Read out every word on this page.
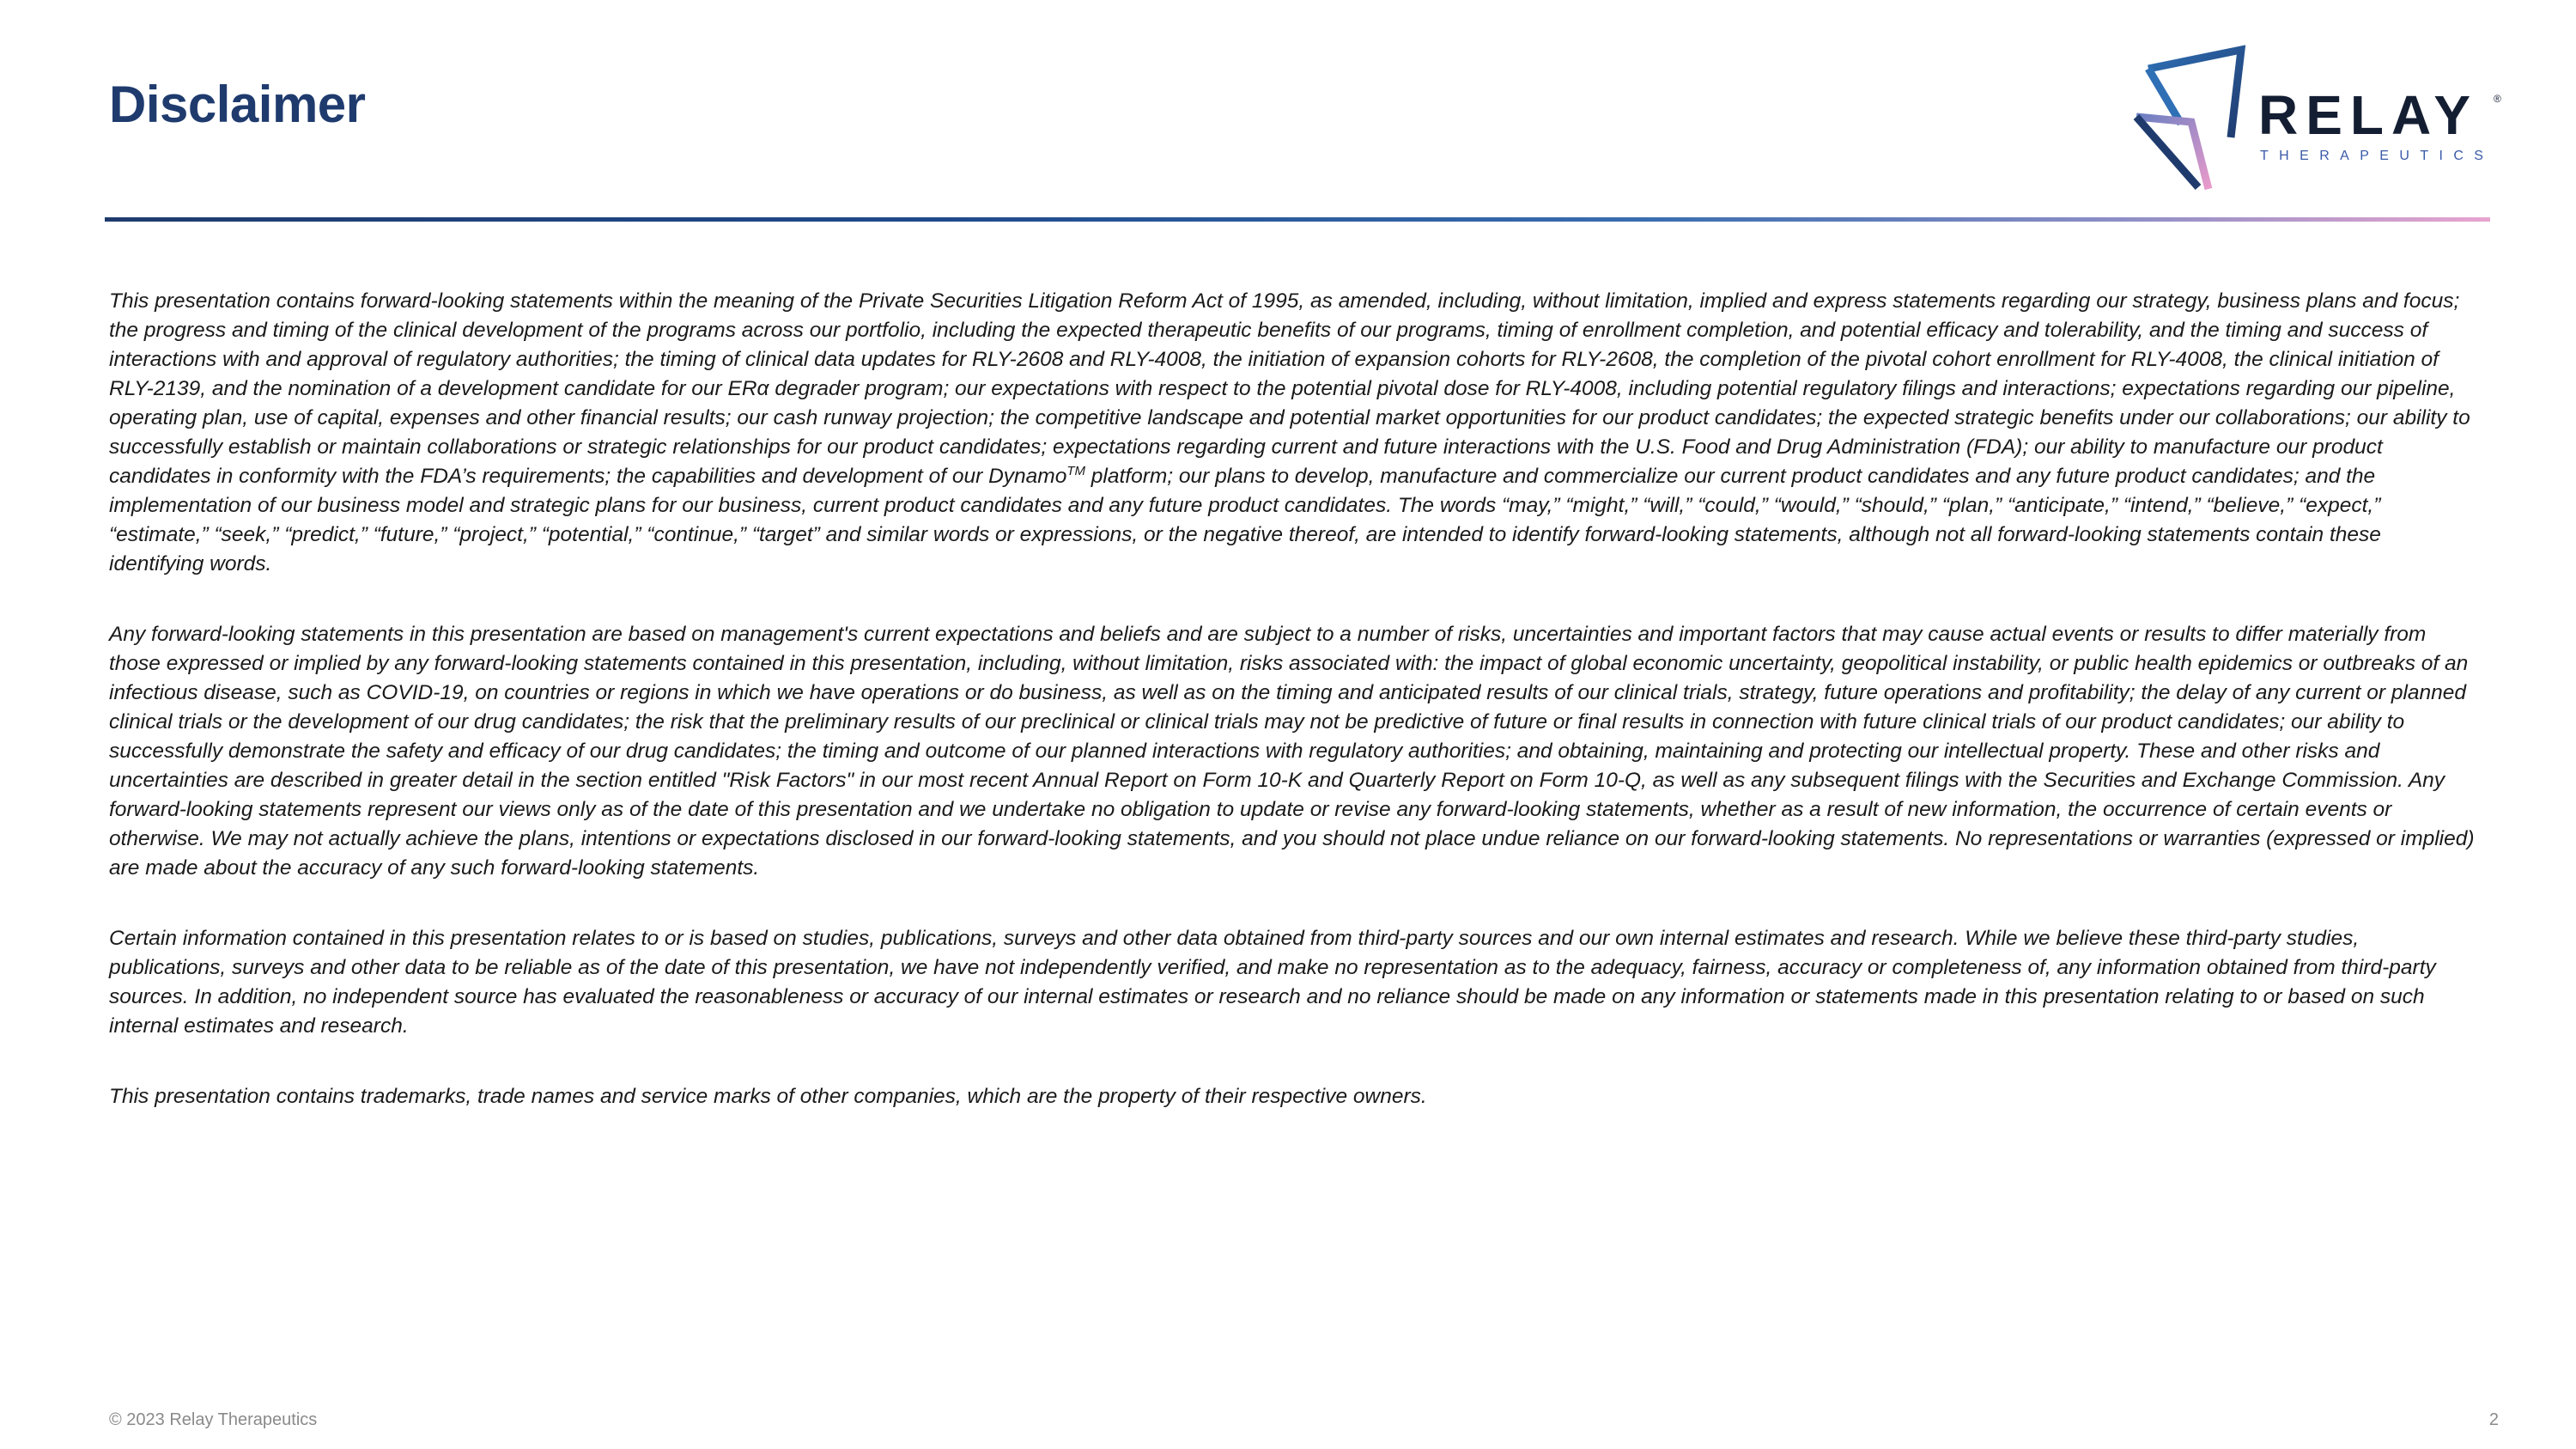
Disclaimer	RELAY ®
THERAPEUTICS

This presentation contains forward-looking statements within the meaning of the Private Securities Litigation Reform Act of 1995, as amended, including, without limitation, implied and express statements regarding our strategy, business plans and focus; the progress and timing of the clinical development of the programs across our portfolio, including the expected therapeutic benefits of our programs, timing of enrollment completion, and potential efficacy and tolerability, and the timing and success of interactions with and approval of regulatory authorities; the timing of clinical data updates for RLY-2608 and RLY-4008, the initiation of expansion cohorts for RLY-2608, the completion of the pivotal cohort enrollment for RLY-4008, the clinical initiation of RLY-2139, and the nomination of a development candidate for our ERα degrader program; our expectations with respect to the potential pivotal dose for RLY-4008, including potential regulatory filings and interactions; expectations regarding our pipeline, operating plan, use of capital, expenses and other financial results; our cash runway projection; the competitive landscape and potential market opportunities for our product candidates; the expected strategic benefits under our collaborations; our ability to successfully establish or maintain collaborations or strategic relationships for our product candidates; expectations regarding current and future interactions with the U.S. Food and Drug Administration (FDA); our ability to manufacture our product candidates in conformity with the FDA’s requirements; the capabilities and development of our Dynamo™ platform; our plans to develop, manufacture and commercialize our current product candidates and any future product candidates; and the implementation of our business model and strategic plans for our business, current product candidates and any future product candidates. The words “may,” “might,” “will,” “could,” “would,” “should,” “plan,” “anticipate,” “intend,” “believe,” “expect,” “estimate,” “seek,” “predict,” “future,” “project,” “potential,” “continue,” “target” and similar words or expressions, or the negative thereof, are intended to identify forward-looking statements, although not all forward-looking statements contain these identifying words.

Any forward-looking statements in this presentation are based on management's current expectations and beliefs and are subject to a number of risks, uncertainties and important factors that may cause actual events or results to differ materially from those expressed or implied by any forward-looking statements contained in this presentation, including, without limitation, risks associated with: the impact of global economic uncertainty, geopolitical instability, or public health epidemics or outbreaks of an infectious disease, such as COVID-19, on countries or regions in which we have operations or do business, as well as on the timing and anticipated results of our clinical trials, strategy, future operations and profitability; the delay of any current or planned clinical trials or the development of our drug candidates; the risk that the preliminary results of our preclinical or clinical trials may not be predictive of future or final results in connection with future clinical trials of our product candidates; our ability to successfully demonstrate the safety and efficacy of our drug candidates; the timing and outcome of our planned interactions with regulatory authorities; and obtaining, maintaining and protecting our intellectual property. These and other risks and uncertainties are described in greater detail in the section entitled "Risk Factors" in our most recent Annual Report on Form 10-K and Quarterly Report on Form 10-Q, as well as any subsequent filings with the Securities and Exchange Commission. Any forward-looking statements represent our views only as of the date of this presentation and we undertake no obligation to update or revise any forward-looking statements, whether as a result of new information, the occurrence of certain events or otherwise. We may not actually achieve the plans, intentions or expectations disclosed in our forward-looking statements, and you should not place undue reliance on our forward-looking statements. No representations or warranties (expressed or implied) are made about the accuracy of any such forward-looking statements.

Certain information contained in this presentation relates to or is based on studies, publications, surveys and other data obtained from third-party sources and our own internal estimates and research. While we believe these third-party studies, publications, surveys and other data to be reliable as of the date of this presentation, we have not independently verified, and make no representation as to the adequacy, fairness, accuracy or completeness of, any information obtained from third-party sources. In addition, no independent source has evaluated the reasonableness or accuracy of our internal estimates or research and no reliance should be made on any information or statements made in this presentation relating to or based on such internal estimates and research.

This presentation contains trademarks, trade names and service marks of other companies, which are the property of their respective owners.

© 2023 Relay Therapeutics	2
